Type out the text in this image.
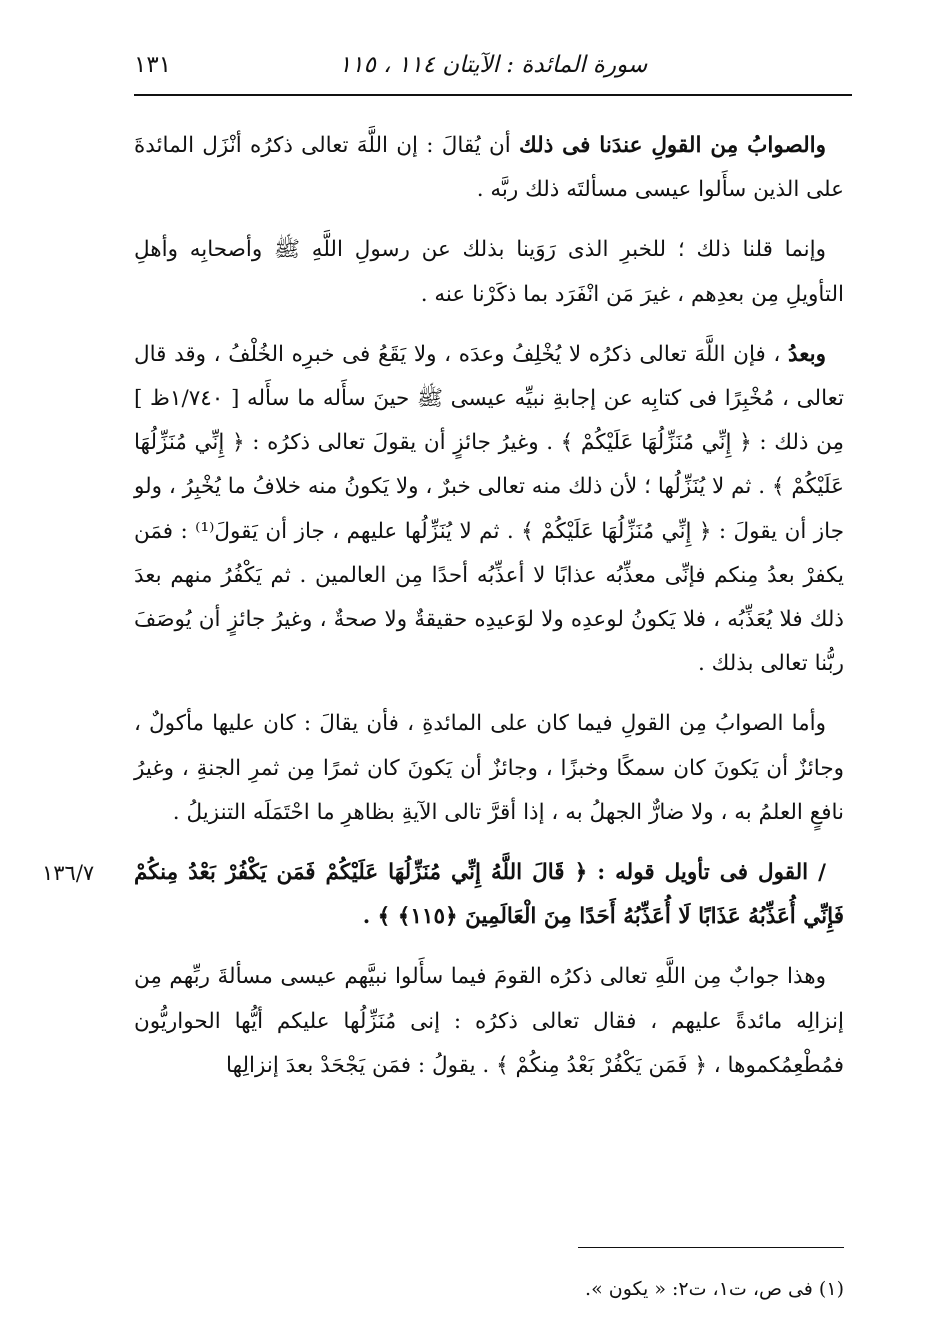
١٣١	سورة المائدة : الآيتان ١١٤ ، ١١٥

والصوابُ مِن القولِ عندَنا فى ذلك أن يُقالَ : إن اللَّهَ تعالى ذكرُه أنْزَل المائدةَ على الذين سأَلوا عيسى مسألتَه ذلك ربَّه .

وإنما قلنا ذلك ؛ للخبرِ الذى رَوَينا بذلك عن رسولِ اللَّهِ ﷺ وأصحابِه وأهلِ التأويلِ مِن بعدِهم ، غيرَ مَن انْفَرَد بما ذكَرْنا عنه .

وبعدُ ، فإن اللَّهَ تعالى ذكرُه لا يُخْلِفُ وعدَه ، ولا يَقَعُ فى خبرِه الخُلْفُ ، وقد قال تعالى ، مُخْبِرًا فى كتابِه عن إجابةِ نبيِّه عيسى ﷺ حينَ سأَله ما سأَله [ ١/٧٤٠ظ ] مِن ذلك : ﴿ إِنِّي مُنَزِّلُهَا عَلَيْكُمْ ﴾ . وغيرُ جائزٍ أن يقولَ تعالى ذكرُه : ﴿ إِنِّي مُنَزِّلُهَا عَلَيْكُمْ ﴾ . ثم لا يُنَزِّلُها ؛ لأن ذلك منه تعالى خبرٌ ، ولا يَكونُ منه خلافُ ما يُخْبِرُ ، ولو جاز أن يقولَ : ﴿ إِنِّي مُنَزِّلُهَا عَلَيْكُمْ ﴾ . ثم لا يُنَزِّلُها عليهم ، جاز أن يَقولَ⁽¹⁾ : فمَن يكفرْ بعدُ مِنكم فإنِّى معذِّبُه عذابًا لا أعذِّبُه أحدًا مِن العالمين . ثم يَكْفُرُ منهم بعدَ ذلك فلا يُعَذِّبُه ، فلا يَكونُ لوعدِه ولا لوَعيدِه حقيقةٌ ولا صحةٌ ، وغيرُ جائزٍ أن يُوصَفَ ربُّنا تعالى بذلك .

وأما الصوابُ مِن القولِ فيما كان على المائدةِ ، فأن يقالَ : كان عليها مأكولٌ ، وجائزٌ أن يَكونَ كان سمكًا وخبزًا ، وجائزٌ أن يَكونَ كان ثمرًا مِن ثمرِ الجنةِ ، وغيرُ نافعٍ العلمُ به ، ولا ضارٌّ الجهلُ به ، إذا أقرَّ تالى الآيةِ بظاهرِ ما احْتَمَلَه التنزيلُ .

١٣٦/٧	/ القول فى تأويل قوله : ﴿ قَالَ اللَّهُ إِنِّي مُنَزِّلُهَا عَلَيْكُمْ فَمَن يَكْفُرْ بَعْدُ مِنكُمْ فَإِنِّي أُعَذِّبُهُ عَذَابًا لَا أُعَذِّبُهُ أَحَدًا مِنَ الْعَالَمِينَ ﴿١١٥﴾ ﴾ .

وهذا جوابٌ مِن اللَّهِ تعالى ذكرُه القومَ فيما سأَلوا نبيَّهم عيسى مسألةَ ربِّهم مِن إنزالِه مائدةً عليهم ، فقال تعالى ذكرُه : إنى مُنَزِّلُها عليكم أيُّها الحواريُّون فمُطْعِمُكموها ، ﴿ فَمَن يَكْفُرْ بَعْدُ مِنكُمْ ﴾ . يقولُ : فمَن يَجْحَدْ بعدَ إنزالِها

(١) فى ص، ت١، ت٢: « يكون ».
